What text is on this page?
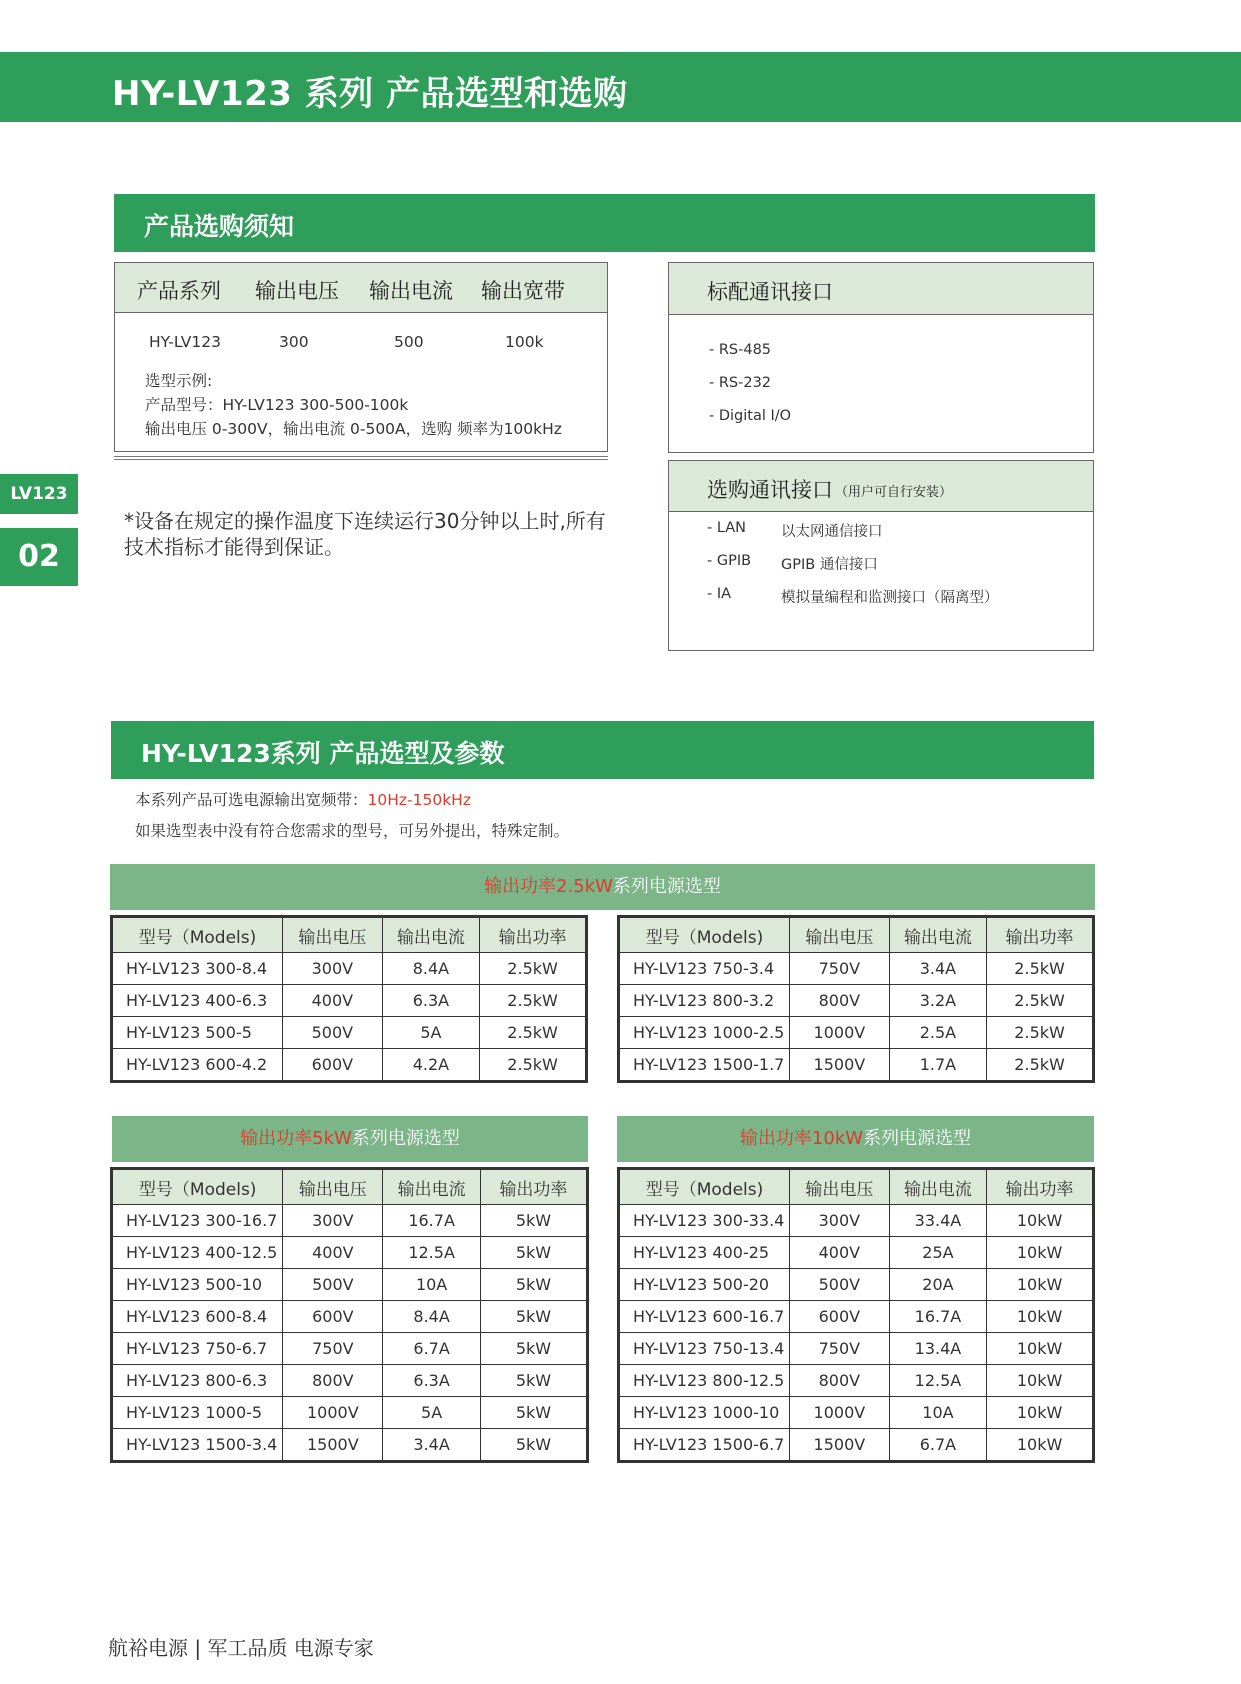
HY-LV123 系列 产品选型和选购
LV123
02
产品选购须知
产品系列 输出电压 输出电流 输出宽带
HY-LV123	300	500	100k
选型示例:
产品型号：HY-LV123 300-500-100k
输出电压 0-300V，输出电流 0-500A，选购 频率为100kHz
*设备在规定的操作温度下连续运行30分钟以上时,所有技术指标才能得到保证。
标配通讯接口
- RS-485
- RS-232
- Digital I/O
选购通讯接口 （用户可自行安装）
- LAN 以太网通信接口
- GPIB GPIB 通信接口
- IA	模拟量编程和监测接口（隔离型）
HY-LV123系列 产品选型及参数
本系列产品可选电源输出宽频带：10Hz-150kHz
如果选型表中没有符合您需求的型号，可另外提出，特殊定制。
输出功率2.5kW系列电源选型
输出功率5kW系列电源选型	输出功率10kW系列电源选型
型号（Models)	输出电压	输出电流	输出功率
HY-LV123 300-8.4	300V	8.4A	2.5kW
HY-LV123 400-6.3	400V	6.3A	2.5kW
HY-LV123 500-5	500V	5A	2.5kW
HY-LV123 600-4.2	600V	4.2A	2.5kW
型号（Models)	输出电压	输出电流	输出功率
HY-LV123 750-3.4	750V	3.4A	2.5kW
HY-LV123 800-3.2	800V	3.2A	2.5kW
HY-LV123 1000-2.5	1000V	2.5A	2.5kW
HY-LV123 1500-1.7	1500V	1.7A	2.5kW
型号（Models)	输出电压	输出电流	输出功率
HY-LV123 300-16.7	300V	16.7A	5kW
HY-LV123 400-12.5	400V	12.5A	5kW
HY-LV123 500-10	500V	10A	5kW
HY-LV123 600-8.4	600V	8.4A	5kW
HY-LV123 750-6.7	750V	6.7A	5kW
HY-LV123 800-6.3	800V	6.3A	5kW
HY-LV123 1000-5	1000V	5A	5kW
HY-LV123 1500-3.4	1500V	3.4A	5kW
型号（Models)	输出电压	输出电流	输出功率
HY-LV123 300-33.4	300V	33.4A	10kW
HY-LV123 400-25	400V	25A	10kW
HY-LV123 500-20	500V	20A	10kW
HY-LV123 600-16.7	600V	16.7A	10kW
HY-LV123 750-13.4	750V	13.4A	10kW
HY-LV123 800-12.5	800V	12.5A	10kW
HY-LV123 1000-10	1000V	10A	10kW
HY-LV123 1500-6.7	1500V	6.7A	10kW
航裕电源 | 军工品质 电源专家
